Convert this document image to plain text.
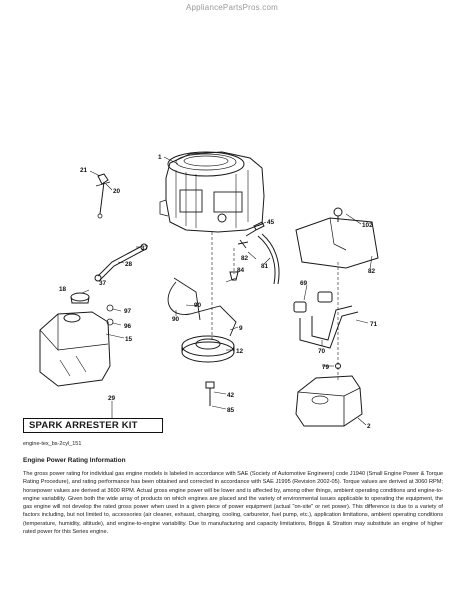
AppliancePartsPros.com
1
21
20
45	102
37
28
37
82
84
81
82
18
97
96
15
90
90
9
69
71
70
12
79
42
85
29
2
SPARK ARRESTER KIT
engine-tex_bs-2cyl_151
Engine Power Rating Information

The gross power rating for individual gas engine models is labeled in accordance with SAE (Society of Automotive Engineers) code J1940 (Small Engine Power & Torque Rating Procedure), and rating performance has been obtained and corrected in accordance with SAE J1995 (Revision 2002-05). Torque values are derived at 3060 RPM; horsepower values are derived at 3600 RPM. Actual gross engine power will be lower and is affected by, among other things, ambient operating conditions and engine-to-engine variability. Given both the wide array of products on which engines are placed and the variety of environmental issues applicable to operating the equipment, the gas engine will not develop the rated gross power when used in a given piece of power equipment (actual "on-site" or net power). This difference is due to a variety of factors including, but not limited to, accessories (air cleaner, exhaust, charging, cooling, carburetor, fuel pump, etc.), application limitations, ambient operating conditions (temperature, humidity, altitude), and engine-to-engine variability. Due to manufacturing and capacity limitations, Briggs & Stratton may substitute an engine of higher rated power for this Series engine.
